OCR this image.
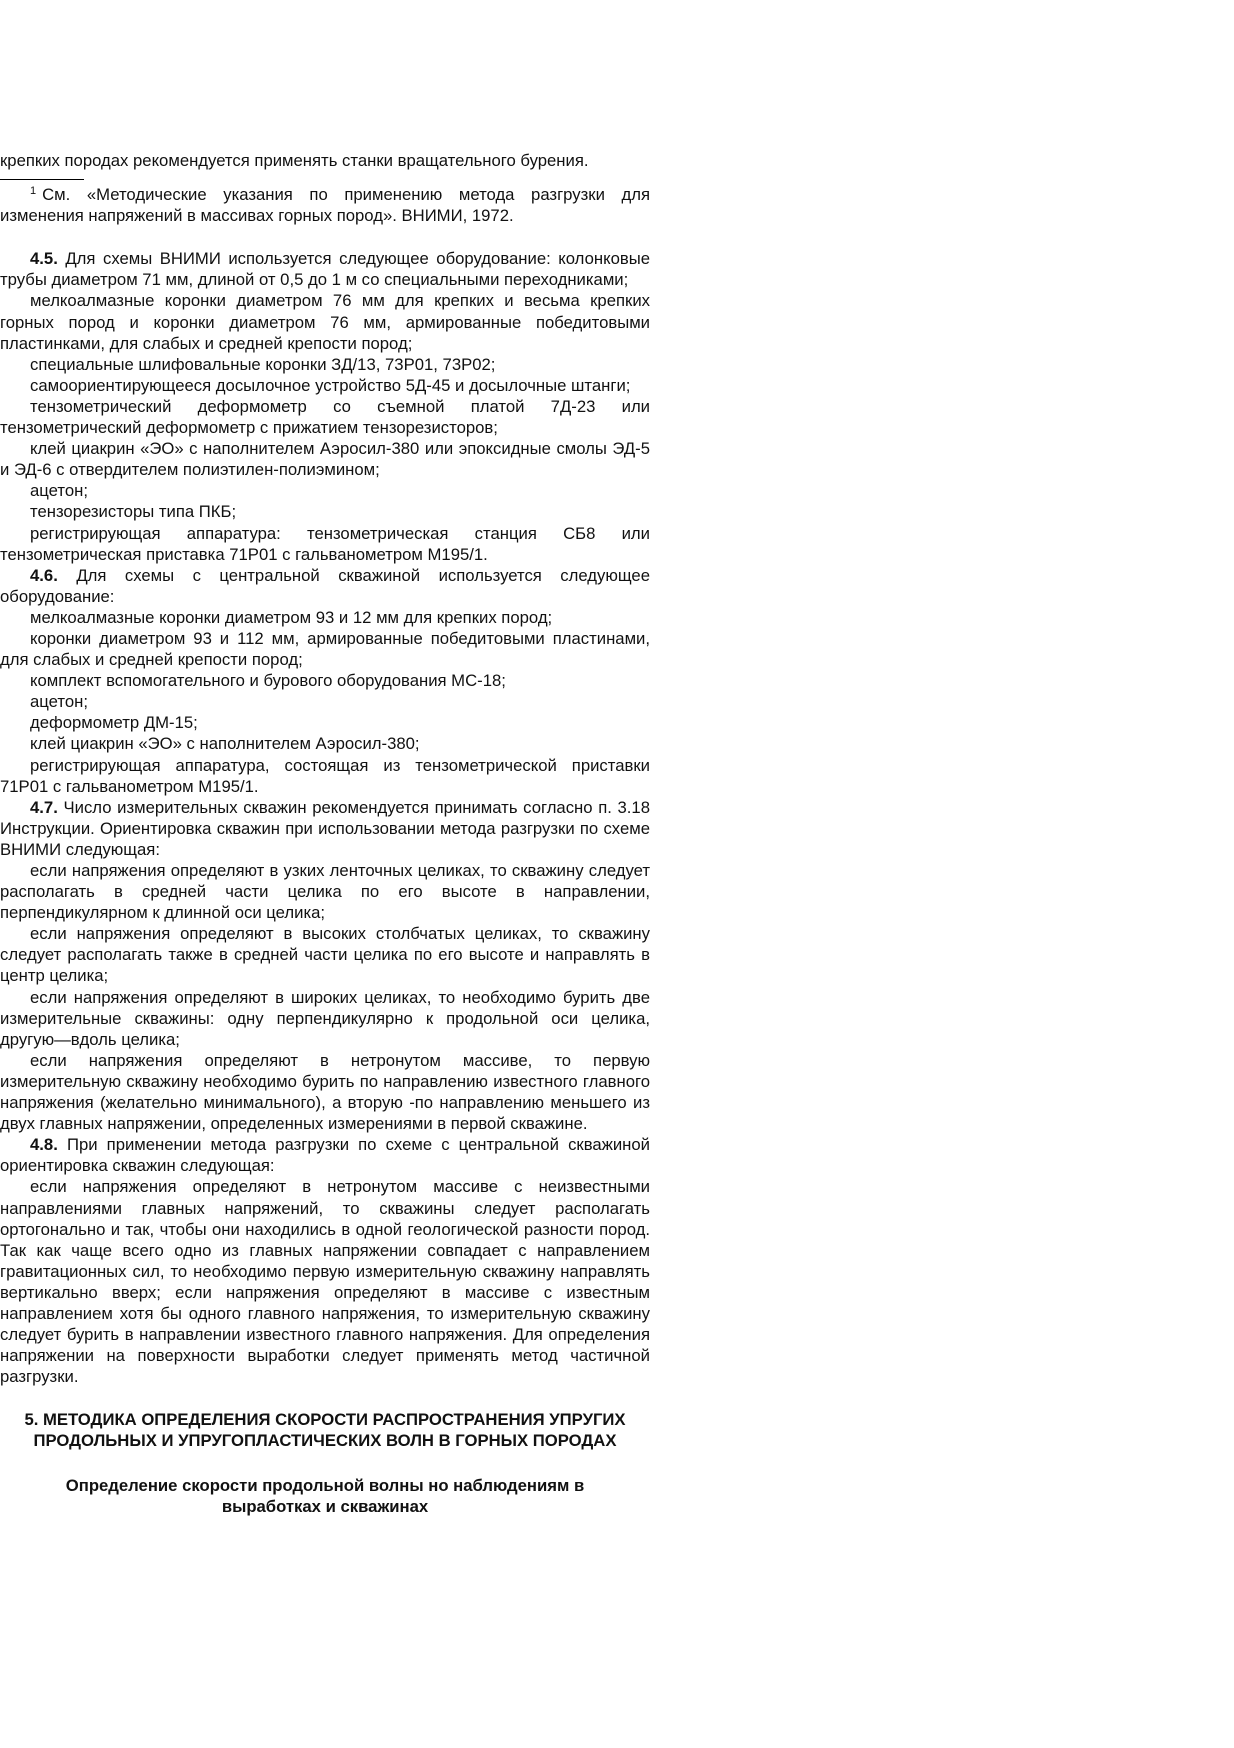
крепких породах рекомендуется применять станки вращательного бурения.

$^1$ См. «Методические указания по применению метода разгрузки для изменения напряжений в массивах горных пород». ВНИМИ, 1972.

4.5. Для схемы ВНИМИ используется следующее оборудование: колонковые трубы диаметром 71 мм, длиной от 0,5 до 1 м со специальными переходниками;

мелкоалмазные коронки диаметром 76 мм для крепких и весьма крепких горных пород и коронки диаметром 76 мм, армированные победитовыми пластинками, для слабых и средней крепости пород;

специальные шлифовальные коронки ЗД/13, 73Р01, 73Р02;

самоориентирующееся досылочное устройство 5Д-45 и досылочные штанги;

тензометрический деформометр со съемной платой 7Д-23 или тензометрический деформометр с прижатием тензорезисторов;

клей циакрин «ЭО» с наполнителем Аэросил-380 или эпоксидные смолы ЭД-5 и ЭД-6 с отвердителем полиэтилен-полиэмином;

ацетон;

тензорезисторы типа ПКБ;

регистрирующая аппаратура: тензометрическая станция СБ8 или тензометрическая приставка 71Р01 с гальванометром М195/1.

4.6. Для схемы с центральной скважиной используется следующее оборудование:

мелкоалмазные коронки диаметром 93 и 12 мм для крепких пород;

коронки диаметром 93 и 112 мм, армированные победитовыми пластинами, для слабых и средней крепости пород;

комплект вспомогательного и бурового оборудования МС-18;

ацетон;

деформометр ДМ-15;

клей циакрин «ЭО» с наполнителем Аэросил-380;

регистрирующая аппаратура, состоящая из тензометрической приставки 71Р01 с гальванометром М195/1.

4.7. Число измерительных скважин рекомендуется принимать согласно п. 3.18 Инструкции. Ориентировка скважин при использовании метода разгрузки по схеме ВНИМИ следующая:

если напряжения определяют в узких ленточных целиках, то скважину следует располагать в средней части целика по его высоте в направлении, перпендикулярном к длинной оси целика;

если напряжения определяют в высоких столбчатых целиках, то скважину следует располагать также в средней части целика по его высоте и направлять в центр целика;

если напряжения определяют в широких целиках, то необходимо бурить две измерительные скважины: одну перпендикулярно к продольной оси целика, другую—вдоль целика;

если напряжения определяют в нетронутом массиве, то первую измерительную скважину необходимо бурить по направлению известного главного напряжения (желательно минимального), а вторую -по направлению меньшего из двух главных напряжении, определенных измерениями в первой скважине.

4.8. При применении метода разгрузки по схеме с центральной скважиной ориентировка скважин следующая:

если напряжения определяют в нетронутом массиве с неизвестными направлениями главных напряжений, то скважины следует располагать ортогонально и так, чтобы они находились в одной геологической разности пород. Так как чаще всего одно из главных напряжении совпадает с направлением гравитационных сил, то необходимо первую измерительную скважину направлять вертикально вверх; если напряжения определяют в массиве с известным направлением хотя бы одного главного напряжения, то измерительную скважину следует бурить в направлении известного главного напряжения. Для определения напряжении на поверхности выработки следует применять метод частичной разгрузки.

5. МЕТОДИКА ОПРЕДЕЛЕНИЯ СКОРОСТИ РАСПРОСТРАНЕНИЯ УПРУГИХ ПРОДОЛЬНЫХ И УПРУГОПЛАСТИЧЕСКИХ ВОЛН В ГОРНЫХ ПОРОДАХ

Определение скорости продольной волны но наблюдениям в выработках и скважинах
